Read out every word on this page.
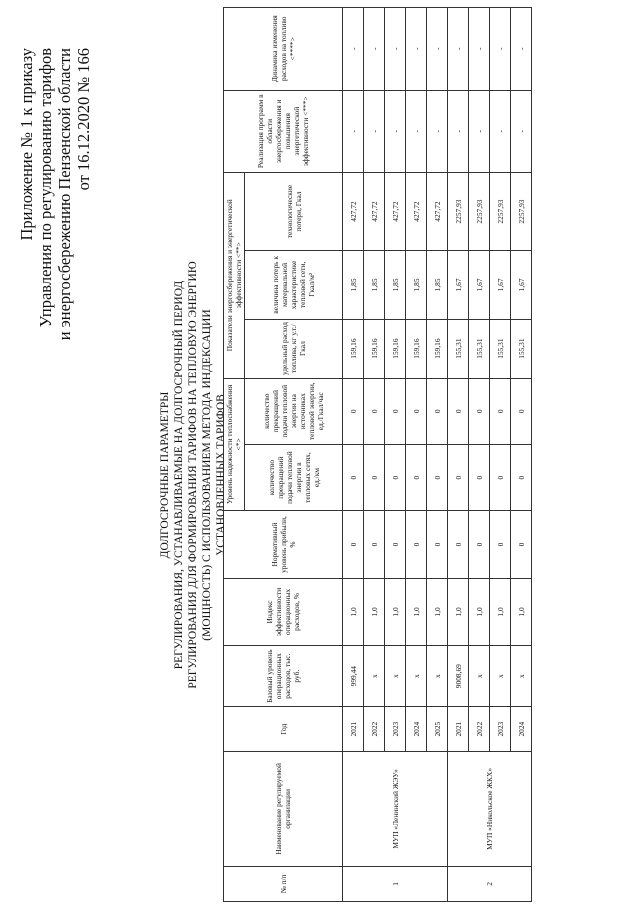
Приложение № 1 к приказу Управления по регулированию тарифов и энергосбережению Пензенской области от 16.12.2020 № 166
ДОЛГОСРОЧНЫЕ ПАРАМЕТРЫ РЕГУЛИРОВАНИЯ, УСТАНАВЛИВАЕМЫЕ НА ДОЛГОСРОЧНЫЙ ПЕРИОД РЕГУЛИРОВАНИЯ ДЛЯ ФОРМИРОВАНИЯ ТАРИФОВ НА ТЕПЛОВУЮ ЭНЕРГИЮ (МОЩНОСТЬ) С ИСПОЛЬЗОВАНИЕМ МЕТОДА ИНДЕКСАЦИИ УСТАНОВЛЕННЫХ ТАРИФОВ
№ п/п	Наименование регулируемой организации	Год	Базовый уровень операционных расходов, тыс. руб.	Индекс эффективности операционных расходов, %	Нормативный уровень прибыли, %	Уровень надежности теплоснабжения <*>		Показатели энергосбережения и энергетической эффективности <**>			Реализация программ в области энергосбережения и повышения энергетической эффективности <***>	Динамика изменения расходов на топливо <****>
						количество прекращений подачи тепловой энергии в тепловых сетях, ед./км	количество прекращений подачи тепловой энергии на источниках тепловой энергии, ед./Гкал/час	удельный расход топлива, кг у.т./Гкал	величина потерь к материальной характеристике тепловой сети, Гкал/м²	технологические потери, Гкал		
1	МУП «Ленинский ЖЭУ»	2021	999,44	1,0	0	0	0	159,16	1,85	427,72	-	-
		2022	х	1,0	0	0	0	159,16	1,85	427,72	-	-
		2023	х	1,0	0	0	0	159,16	1,85	427,72	-	-
		2024	х	1,0	0	0	0	159,16	1,85	427,72	-	-
		2025	х	1,0	0	0	0	159,16	1,85	427,72	-	-
2	МУП «Никольское ЖКХ»	2021	9008,69	1,0	0	0	0	155,31	1,67	2257,93	-	-
		2022	х	1,0	0	0	0	155,31	1,67	2257,93	-	-
		2023	х	1,0	0	0	0	155,31	1,67	2257,93	-	-
		2024	х	1,0	0	0	0	155,31	1,67	2257,93	-	-
